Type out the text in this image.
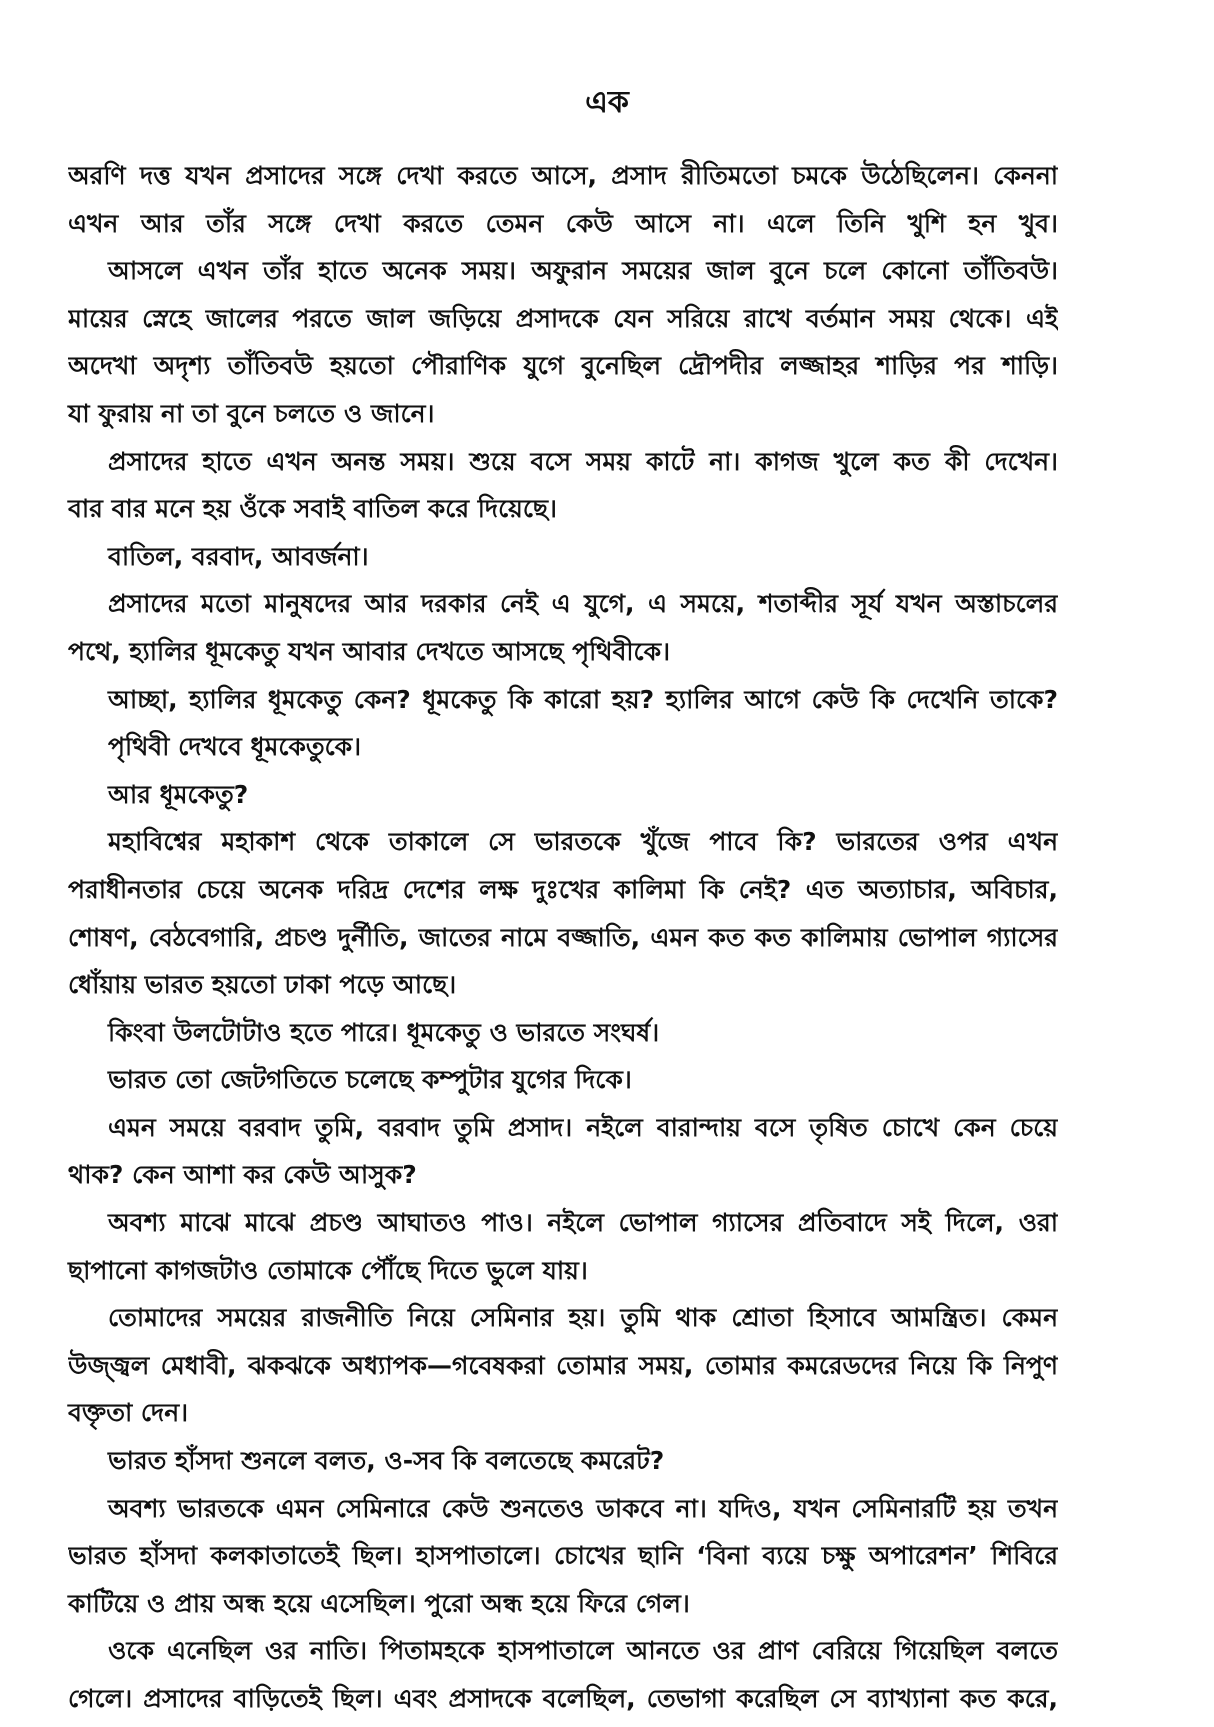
এক
অরণি দত্ত যখন প্রসাদের সঙ্গে দেখা করতে আসে, প্রসাদ রীতিমতো চমকে উঠেছিলেন। কেননা
এখন আর তাঁর সঙ্গে দেখা করতে তেমন কেউ আসে না। এলে তিনি খুশি হন খুব।
আসলে এখন তাঁর হাতে অনেক সময়। অফুরান সময়ের জাল বুনে চলে কোনো তাঁতিবউ।
মায়ের স্নেহে জালের পরতে জাল জড়িয়ে প্রসাদকে যেন সরিয়ে রাখে বর্তমান সময় থেকে। এই
অদেখা অদৃশ্য তাঁতিবউ হয়তো পৌরাণিক যুগে বুনেছিল দ্রৌপদীর লজ্জাহর শাড়ির পর শাড়ি।
যা ফুরায় না তা বুনে চলতে ও জানে।
প্রসাদের হাতে এখন অনন্ত সময়। শুয়ে বসে সময় কাটে না। কাগজ খুলে কত কী দেখেন।
বার বার মনে হয় ওঁকে সবাই বাতিল করে দিয়েছে।
বাতিল, বরবাদ, আবর্জনা।
প্রসাদের মতো মানুষদের আর দরকার নেই এ যুগে, এ সময়ে, শতাব্দীর সূর্য যখন অস্তাচলের
পথে, হ্যালির ধূমকেতু যখন আবার দেখতে আসছে পৃথিবীকে।
আচ্ছা, হ্যালির ধূমকেতু কেন? ধূমকেতু কি কারো হয়? হ্যালির আগে কেউ কি দেখেনি তাকে?
পৃথিবী দেখবে ধূমকেতুকে।
আর ধূমকেতু?
মহাবিশ্বের মহাকাশ থেকে তাকালে সে ভারতকে খুঁজে পাবে কি? ভারতের ওপর এখন
পরাধীনতার চেয়ে অনেক দরিদ্র দেশের লক্ষ দুঃখের কালিমা কি নেই? এত অত্যাচার, অবিচার,
শোষণ, বেঠবেগারি, প্রচণ্ড দুর্নীতি, জাতের নামে বজ্জাতি, এমন কত কত কালিমায় ভোপাল গ্যাসের
ধোঁয়ায় ভারত হয়তো ঢাকা পড়ে আছে।
কিংবা উলটোটাও হতে পারে। ধূমকেতু ও ভারতে সংঘর্ষ।
ভারত তো জেটগতিতে চলেছে কম্পুটার যুগের দিকে।
এমন সময়ে বরবাদ তুমি, বরবাদ তুমি প্রসাদ। নইলে বারান্দায় বসে তৃষিত চোখে কেন চেয়ে
থাক? কেন আশা কর কেউ আসুক?
অবশ্য মাঝে মাঝে প্রচণ্ড আঘাতও পাও। নইলে ভোপাল গ্যাসের প্রতিবাদে সই দিলে, ওরা
ছাপানো কাগজটাও তোমাকে পৌঁছে দিতে ভুলে যায়।
তোমাদের সময়ের রাজনীতি নিয়ে সেমিনার হয়। তুমি থাক শ্রোতা হিসাবে আমন্ত্রিত। কেমন
উজ্জ্বল মেধাবী, ঝকঝকে অধ্যাপক—গবেষকরা তোমার সময়, তোমার কমরেডদের নিয়ে কি নিপুণ
বক্তৃতা দেন।
ভারত হাঁসদা শুনলে বলত, ও-সব কি বলতেছে কমরেট?
অবশ্য ভারতকে এমন সেমিনারে কেউ শুনতেও ডাকবে না। যদিও, যখন সেমিনারটি হয় তখন
ভারত হাঁসদা কলকাতাতেই ছিল। হাসপাতালে। চোখের ছানি ‘বিনা ব্যয়ে চক্ষু অপারেশন’ শিবিরে
কাটিয়ে ও প্রায় অন্ধ হয়ে এসেছিল। পুরো অন্ধ হয়ে ফিরে গেল।
ওকে এনেছিল ওর নাতি। পিতামহকে হাসপাতালে আনতে ওর প্রাণ বেরিয়ে গিয়েছিল বলতে
গেলে। প্রসাদের বাড়িতেই ছিল। এবং প্রসাদকে বলেছিল, তেভাগা করেছিল সে ব্যাখ্যানা কত করে,
